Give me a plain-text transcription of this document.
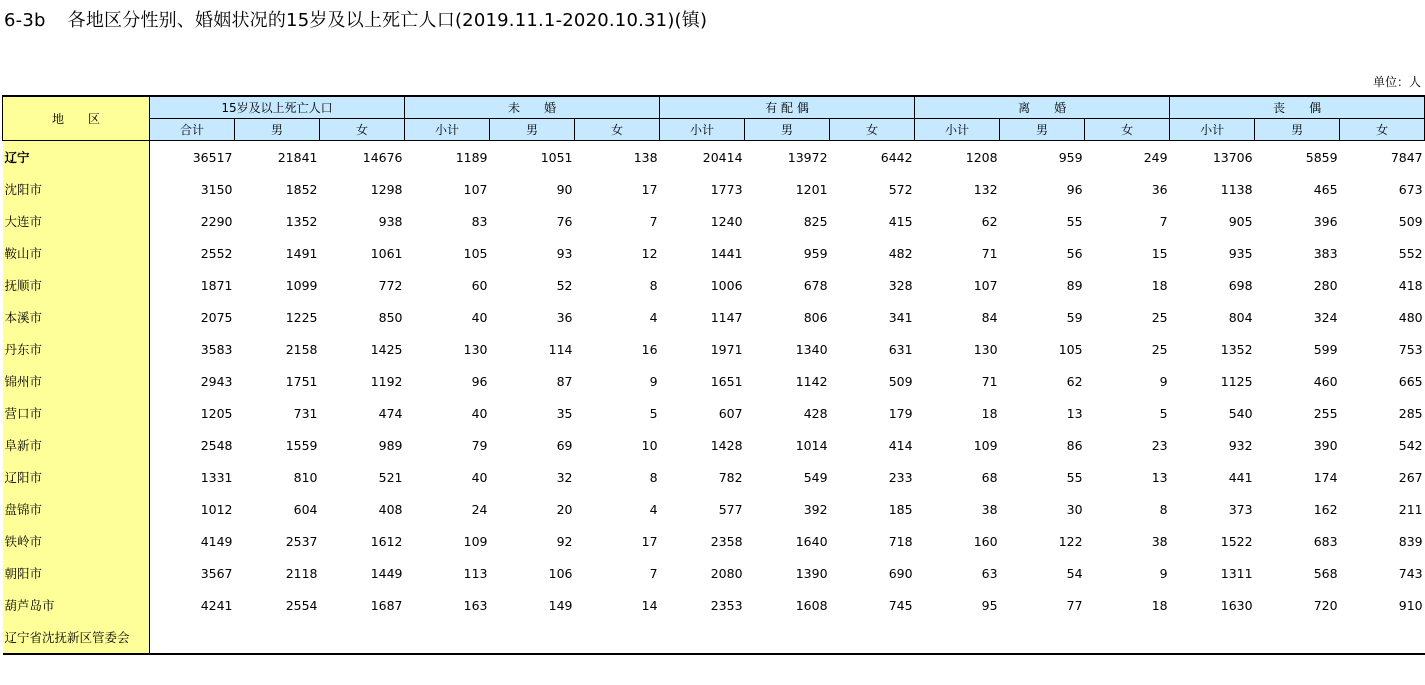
6-3b 各地区分性别、婚姻状况的15岁及以上死亡人口(2019.11.1-2020.10.31)(镇)
单位：人
地　　区	15岁及以上死亡人口			未　　婚			有 配 偶			离　　婚			丧　　偶		
	合计	男	女	小计	男	女	小计	男	女	小计	男	女	小计	男	女
辽宁	36517	21841	14676	1189	1051	138	20414	13972	6442	1208	959	249	13706	5859	7847
沈阳市	3150	1852	1298	107	90	17	1773	1201	572	132	96	36	1138	465	673
大连市	2290	1352	938	83	76	7	1240	825	415	62	55	7	905	396	509
鞍山市	2552	1491	1061	105	93	12	1441	959	482	71	56	15	935	383	552
抚顺市	1871	1099	772	60	52	8	1006	678	328	107	89	18	698	280	418
本溪市	2075	1225	850	40	36	4	1147	806	341	84	59	25	804	324	480
丹东市	3583	2158	1425	130	114	16	1971	1340	631	130	105	25	1352	599	753
锦州市	2943	1751	1192	96	87	9	1651	1142	509	71	62	9	1125	460	665
营口市	1205	731	474	40	35	5	607	428	179	18	13	5	540	255	285
阜新市	2548	1559	989	79	69	10	1428	1014	414	109	86	23	932	390	542
辽阳市	1331	810	521	40	32	8	782	549	233	68	55	13	441	174	267
盘锦市	1012	604	408	24	20	4	577	392	185	38	30	8	373	162	211
铁岭市	4149	2537	1612	109	92	17	2358	1640	718	160	122	38	1522	683	839
朝阳市	3567	2118	1449	113	106	7	2080	1390	690	63	54	9	1311	568	743
葫芦岛市	4241	2554	1687	163	149	14	2353	1608	745	95	77	18	1630	720	910
辽宁省沈抚新区管委会															
